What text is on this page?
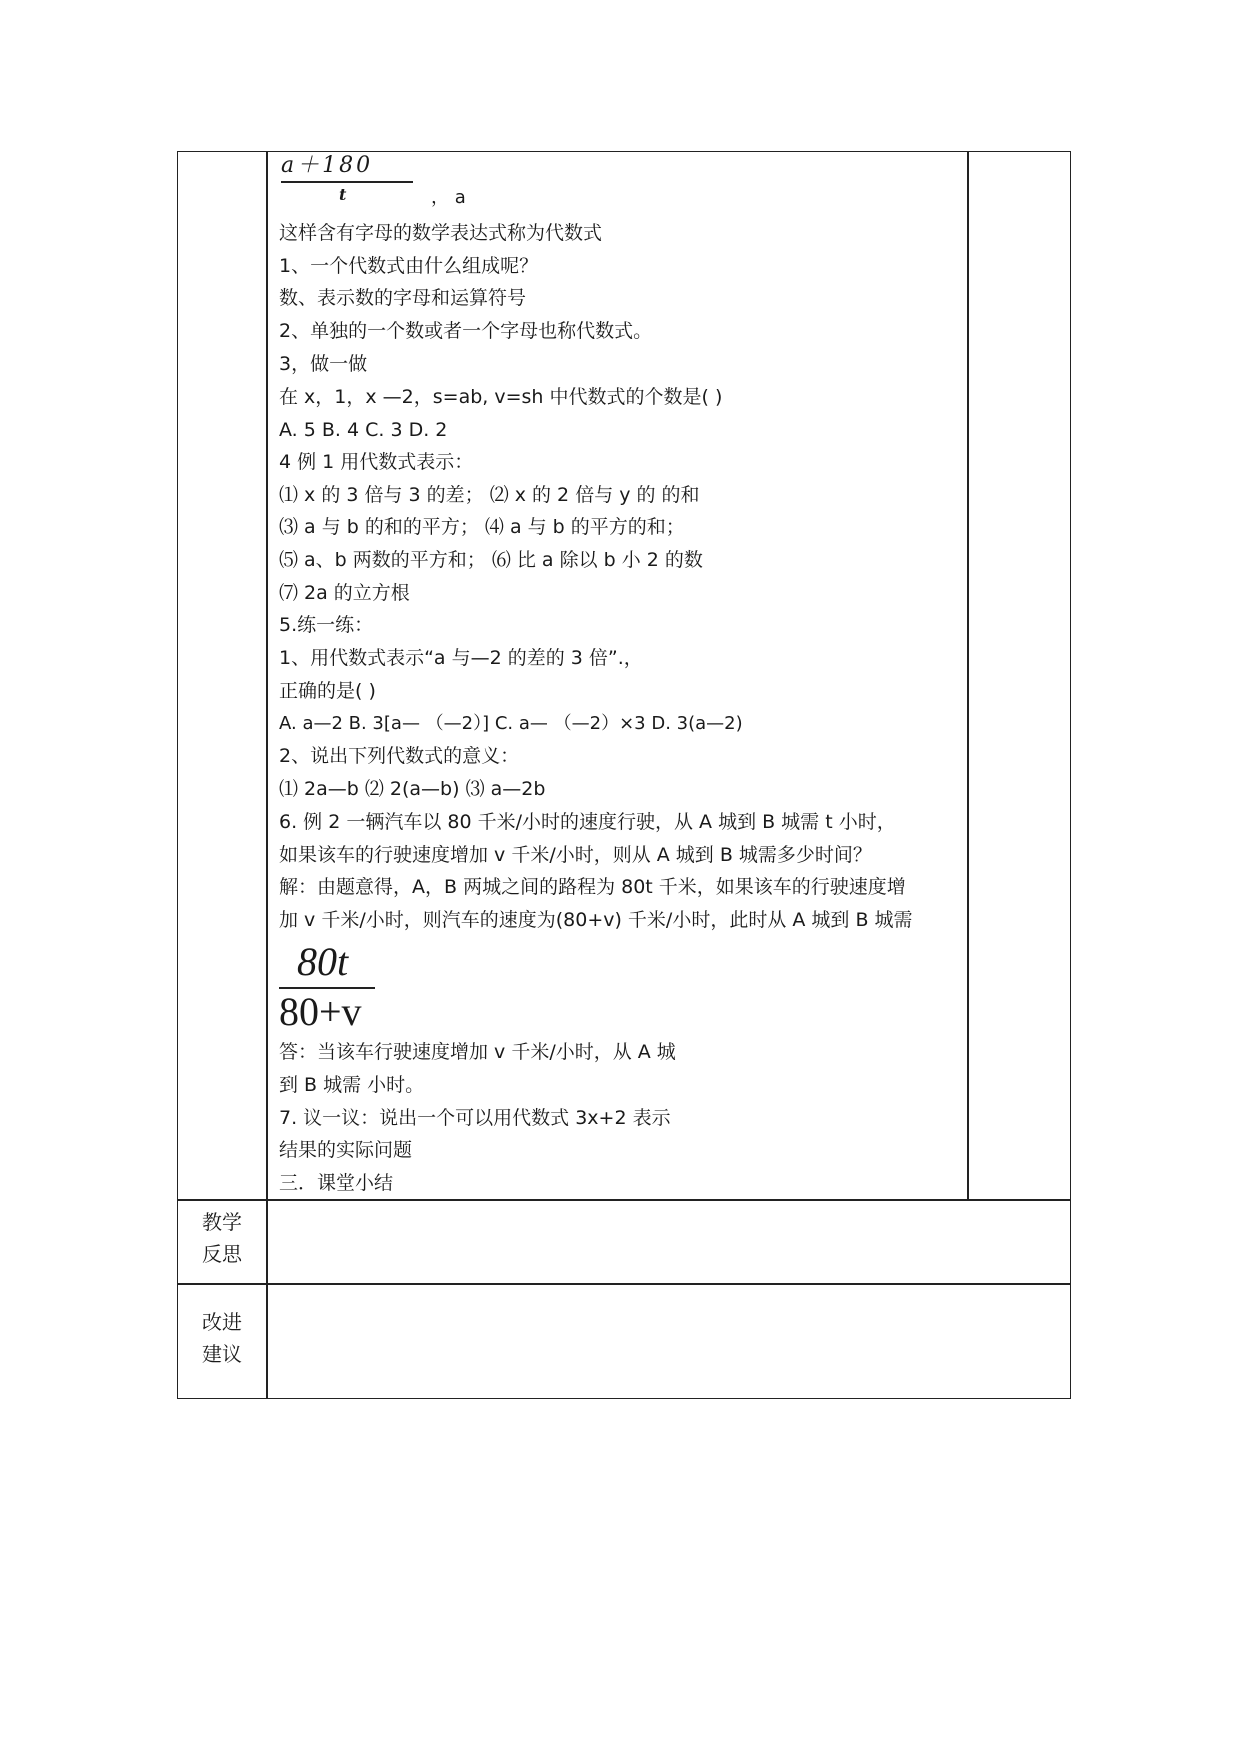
a＋180
t	， a
这样含有字母的数学表达式称为代数式
1、一个代数式由什么组成呢？
数、表示数的字母和运算符号
2、单独的一个数或者一个字母也称代数式。
3，做一做
在 x，1，x —2，s=ab, v=sh 中代数式的个数是( )
A. 5 B. 4 C. 3 D. 2
4 例 1 用代数式表示：
⑴ x 的 3 倍与 3 的差； ⑵ x 的 2 倍与 y 的 的和
⑶ a 与 b 的和的平方； ⑷ a 与 b 的平方的和；
⑸ a、b 两数的平方和； ⑹ 比 a 除以 b 小 2 的数
⑺ 2a 的立方根
5.练一练：
1、用代数式表示“a 与—2 的差的 3 倍”.，
正确的是( )
A. a—2 B. 3[a— （—2）] C. a— （—2）×3 D. 3(a—2)
2、说出下列代数式的意义：
⑴ 2a—b ⑵ 2(a—b) ⑶ a—2b
6. 例 2 一辆汽车以 80 千米/小时的速度行驶，从 A 城到 B 城需 t 小时，
如果该车的行驶速度增加 v 千米/小时，则从 A 城到 B 城需多少时间？
解：由题意得，A，B 两城之间的路程为 80t 千米，如果该车的行驶速度增
加 v 千米/小时，则汽车的速度为(80+v) 千米/小时，此时从 A 城到 B 城需
80t
80+v
答：当该车行驶速度增加 v 千米/小时，从 A 城
到 B 城需 小时。
7. 议一议：说出一个可以用代数式 3x+2 表示
结果的实际问题
三．课堂小结
教学
反思
改进
建议
